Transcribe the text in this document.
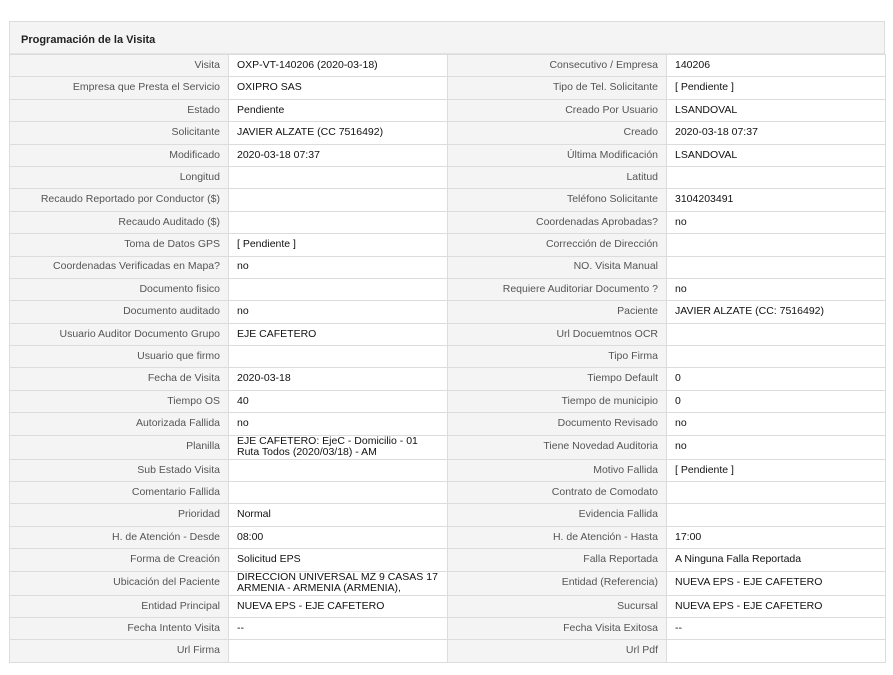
Programación de la Visita
Visita	OXP-VT-140206 (2020-03-18)	Consecutivo / Empresa	140206
Empresa que Presta el Servicio	OXIPRO SAS	Tipo de Tel. Solicitante	[ Pendiente ]
Estado	Pendiente	Creado Por Usuario	LSANDOVAL
Solicitante	JAVIER ALZATE (CC 7516492)	Creado	2020-03-18 07:37
Modificado	2020-03-18 07:37	Última Modificación	LSANDOVAL
Longitud		Latitud	
Recaudo Reportado por Conductor ($)		Teléfono Solicitante	3104203491
Recaudo Auditado ($)		Coordenadas Aprobadas?	no
Toma de Datos GPS	[ Pendiente ]	Corrección de Dirección	
Coordenadas Verificadas en Mapa?	no	NO. Visita Manual	
Documento fisico		Requiere Auditoriar Documento ?	no
Documento auditado	no	Paciente	JAVIER ALZATE (CC: 7516492)
Usuario Auditor Documento Grupo	EJE CAFETERO	Url Docuemtnos OCR	
Usuario que firmo		Tipo Firma	
Fecha de Visita	2020-03-18	Tiempo Default	0
Tiempo OS	40	Tiempo de municipio	0
Autorizada Fallida	no	Documento Revisado	no
Planilla	EJE CAFETERO: EjeC - Domicilio - 01 Ruta Todos (2020/03/18) - AM	Tiene Novedad Auditoria	no
Sub Estado Visita		Motivo Fallida	[ Pendiente ]
Comentario Fallida		Contrato de Comodato	
Prioridad	Normal	Evidencia Fallida	
H. de Atención - Desde	08:00	H. de Atención - Hasta	17:00
Forma de Creación	Solicitud EPS	Falla Reportada	A Ninguna Falla Reportada
Ubicación del Paciente	DIRECCION UNIVERSAL MZ 9 CASAS 17 ARMENIA - ARMENIA (ARMENIA),	Entidad (Referencia)	NUEVA EPS - EJE CAFETERO
Entidad Principal	NUEVA EPS - EJE CAFETERO	Sucursal	NUEVA EPS - EJE CAFETERO
Fecha Intento Visita	--	Fecha Visita Exitosa	--
Url Firma		Url Pdf	
